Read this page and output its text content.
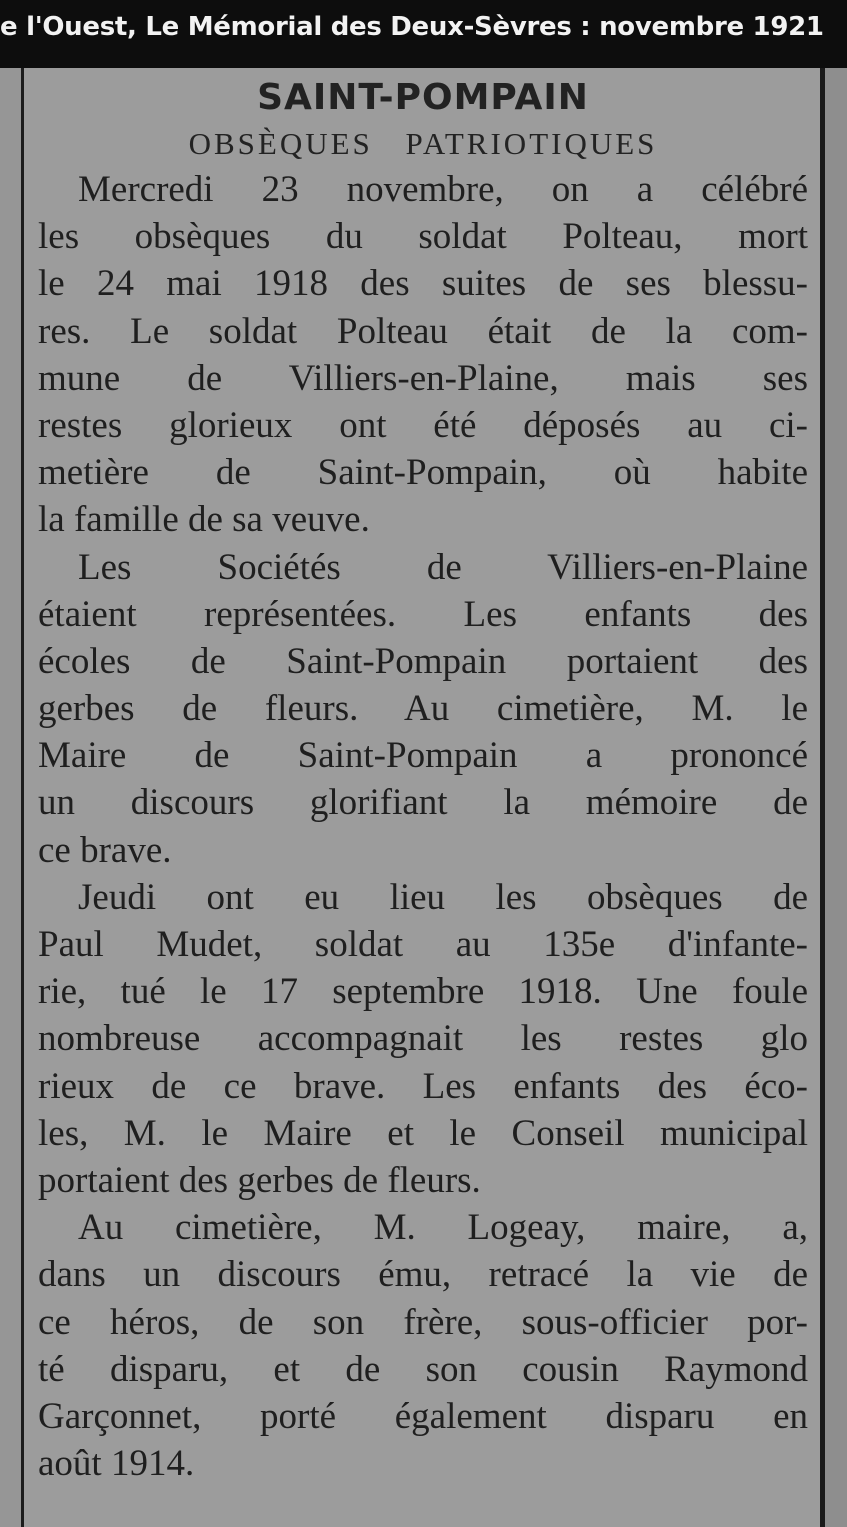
e l'Ouest, Le Mémorial des Deux-Sèvres : novembre 1921
SAINT-POMPAIN
OBSÈQUES PATRIOTIQUES
Mercredi 23 novembre, on a célébré
les obsèques du soldat Polteau, mort
le 24 mai 1918 des suites de ses blessu-
res. Le soldat Polteau était de la com-
mune de Villiers-en-Plaine, mais ses
restes glorieux ont été déposés au ci-
metière de Saint-Pompain, où habite
la famille de sa veuve.
Les Sociétés de Villiers-en-Plaine
étaient représentées. Les enfants des
écoles de Saint-Pompain portaient des
gerbes de fleurs. Au cimetière, M. le
Maire de Saint-Pompain a prononcé
un discours glorifiant la mémoire de
ce brave.
Jeudi ont eu lieu les obsèques de
Paul Mudet, soldat au 135e d'infante-
rie, tué le 17 septembre 1918. Une foule
nombreuse accompagnait les restes glo
rieux de ce brave. Les enfants des éco-
les, M. le Maire et le Conseil municipal
portaient des gerbes de fleurs.
Au cimetière, M. Logeay, maire, a,
dans un discours ému, retracé la vie de
ce héros, de son frère, sous-officier por-
té disparu, et de son cousin Raymond
Garçonnet, porté également disparu en
août 1914.
